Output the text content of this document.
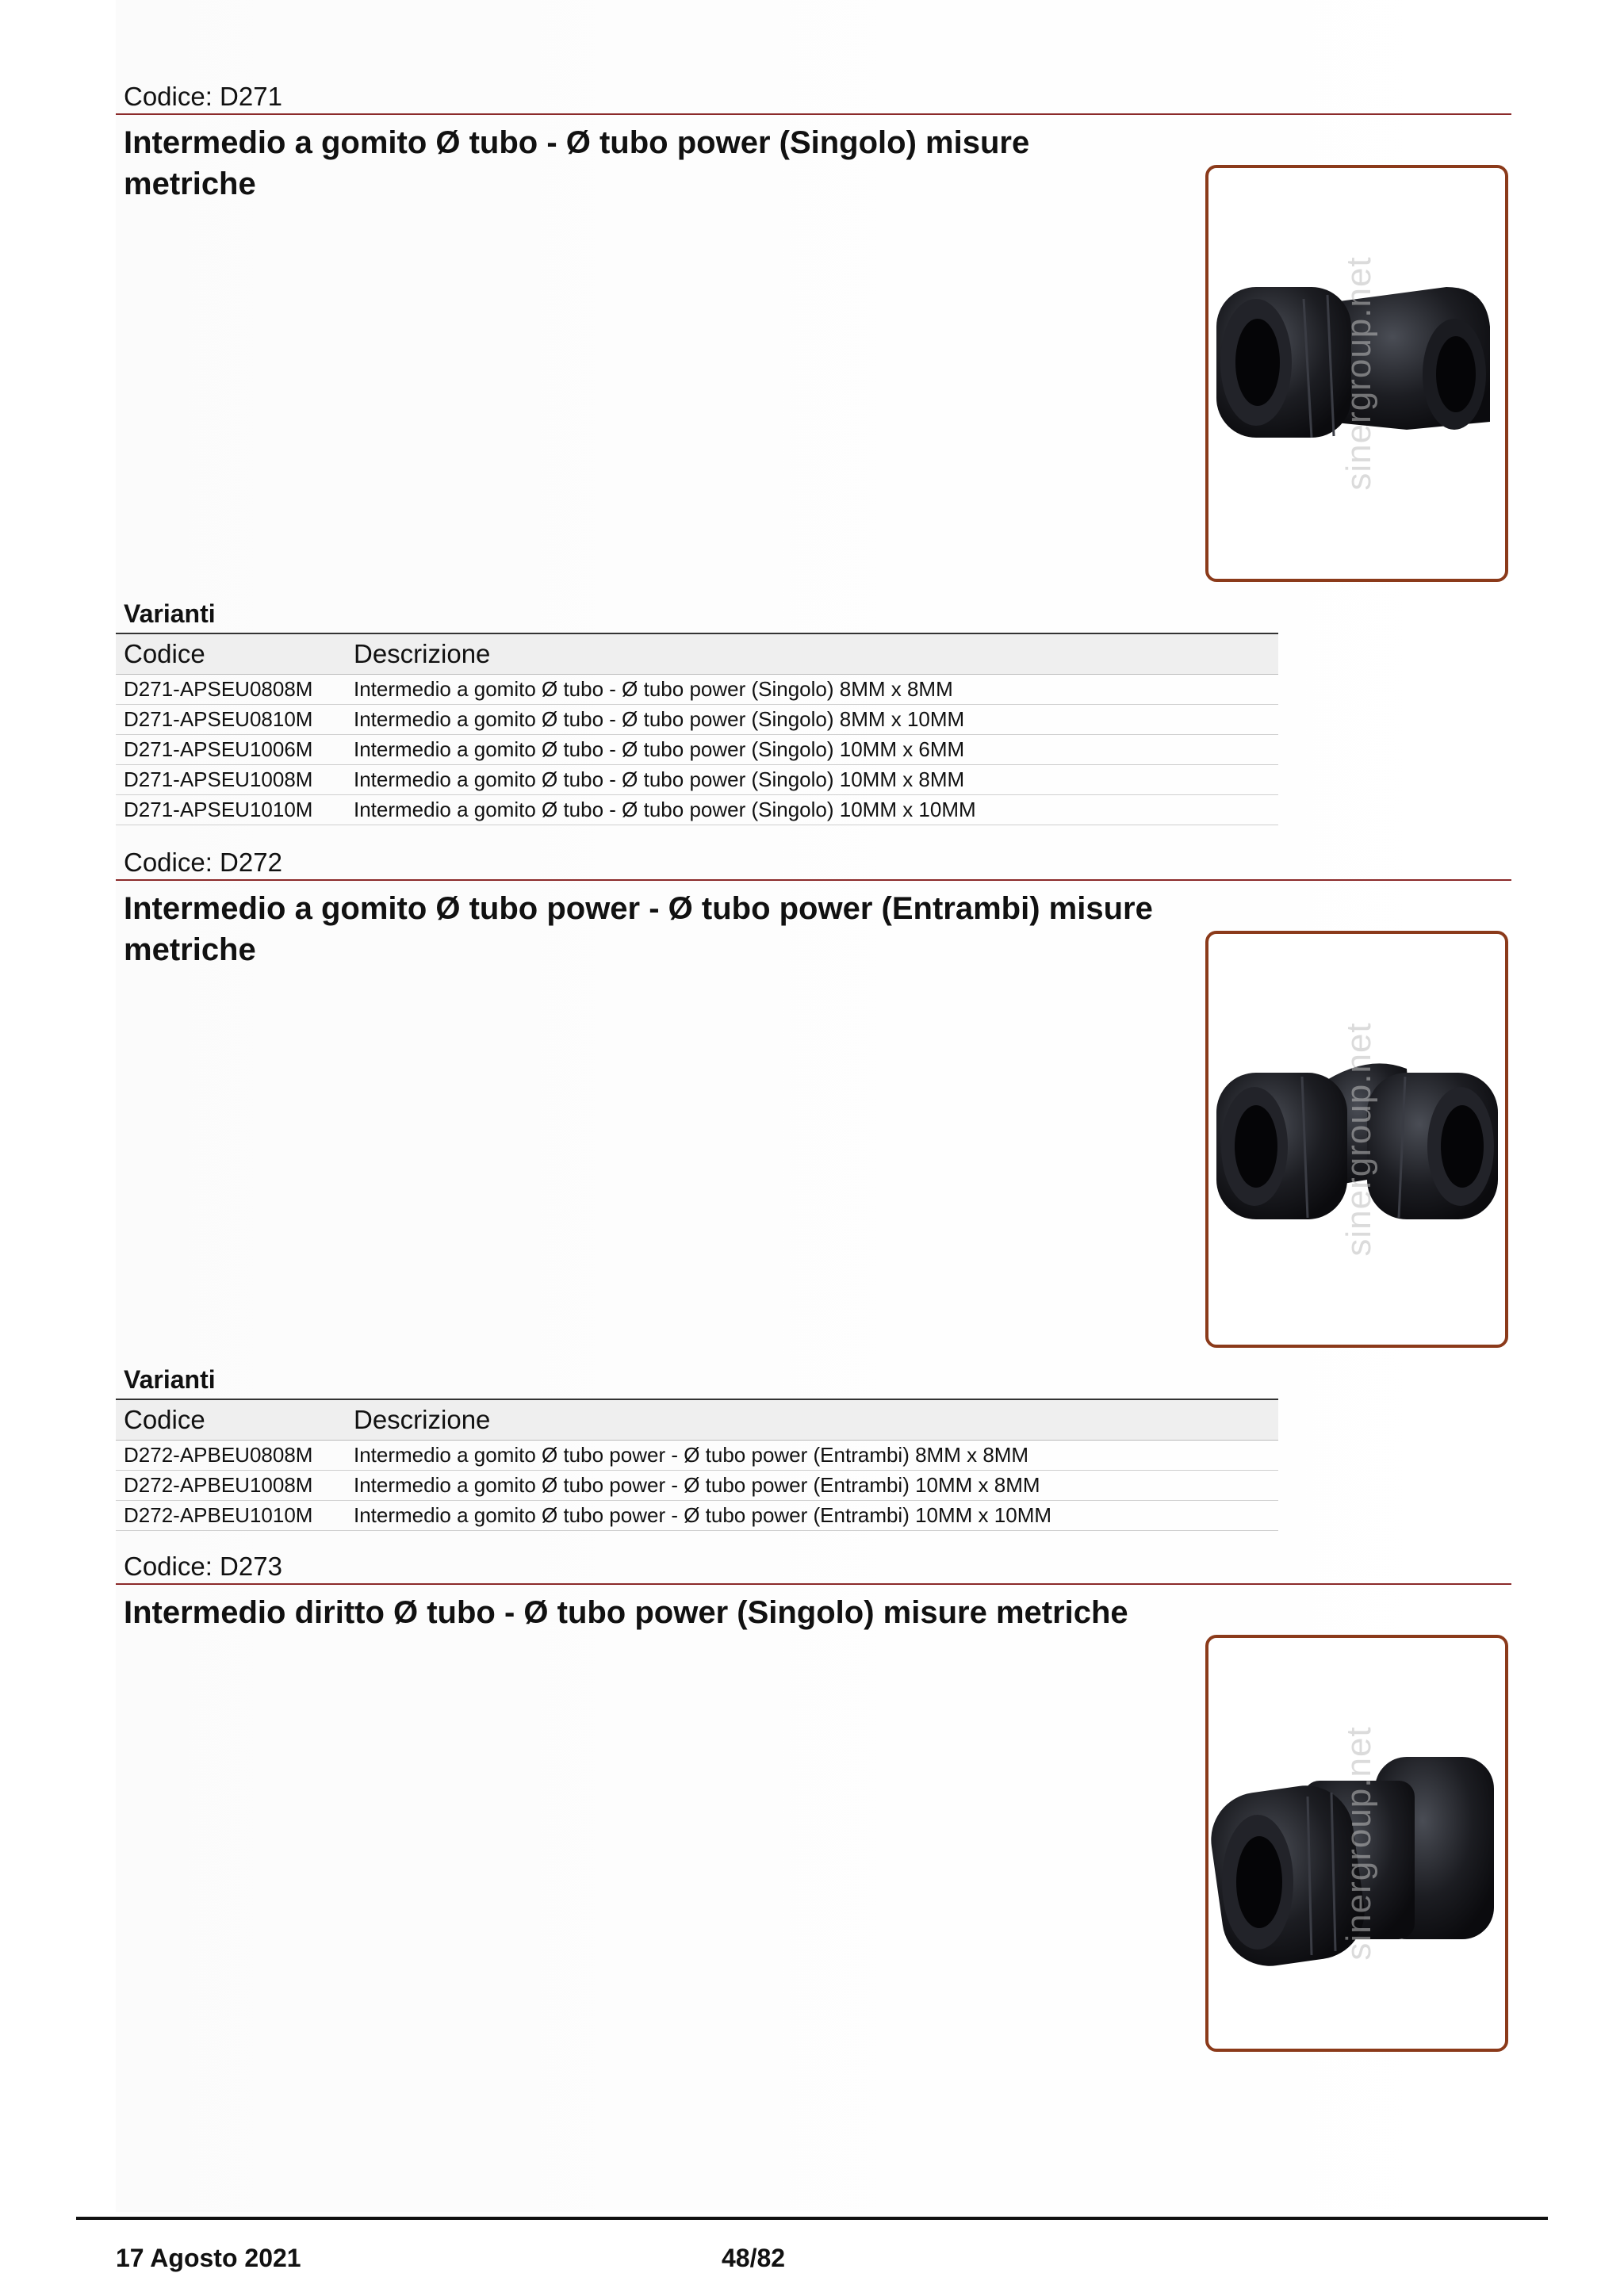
Codice: D271
Intermedio a gomito Ø tubo - Ø tubo power (Singolo) misure metriche
sinergroup.net
Varianti
Codice	Descrizione
D271-APSEU0808M	Intermedio a gomito Ø tubo - Ø tubo power (Singolo) 8MM x 8MM
D271-APSEU0810M	Intermedio a gomito Ø tubo - Ø tubo power (Singolo) 8MM x 10MM
D271-APSEU1006M	Intermedio a gomito Ø tubo - Ø tubo power (Singolo) 10MM x 6MM
D271-APSEU1008M	Intermedio a gomito Ø tubo - Ø tubo power (Singolo) 10MM x 8MM
D271-APSEU1010M	Intermedio a gomito Ø tubo - Ø tubo power (Singolo) 10MM x 10MM
Codice: D272
Intermedio a gomito Ø tubo power - Ø tubo power (Entrambi) misure metriche
sinergroup.net
Varianti
Codice	Descrizione
D272-APBEU0808M	Intermedio a gomito Ø tubo power - Ø tubo power (Entrambi) 8MM x 8MM
D272-APBEU1008M	Intermedio a gomito Ø tubo power - Ø tubo power (Entrambi) 10MM x 8MM
D272-APBEU1010M	Intermedio a gomito Ø tubo power - Ø tubo power (Entrambi) 10MM x 10MM
Codice: D273
Intermedio diritto Ø tubo - Ø tubo power (Singolo) misure metriche
sinergroup.net
17 Agosto 2021	48/82
